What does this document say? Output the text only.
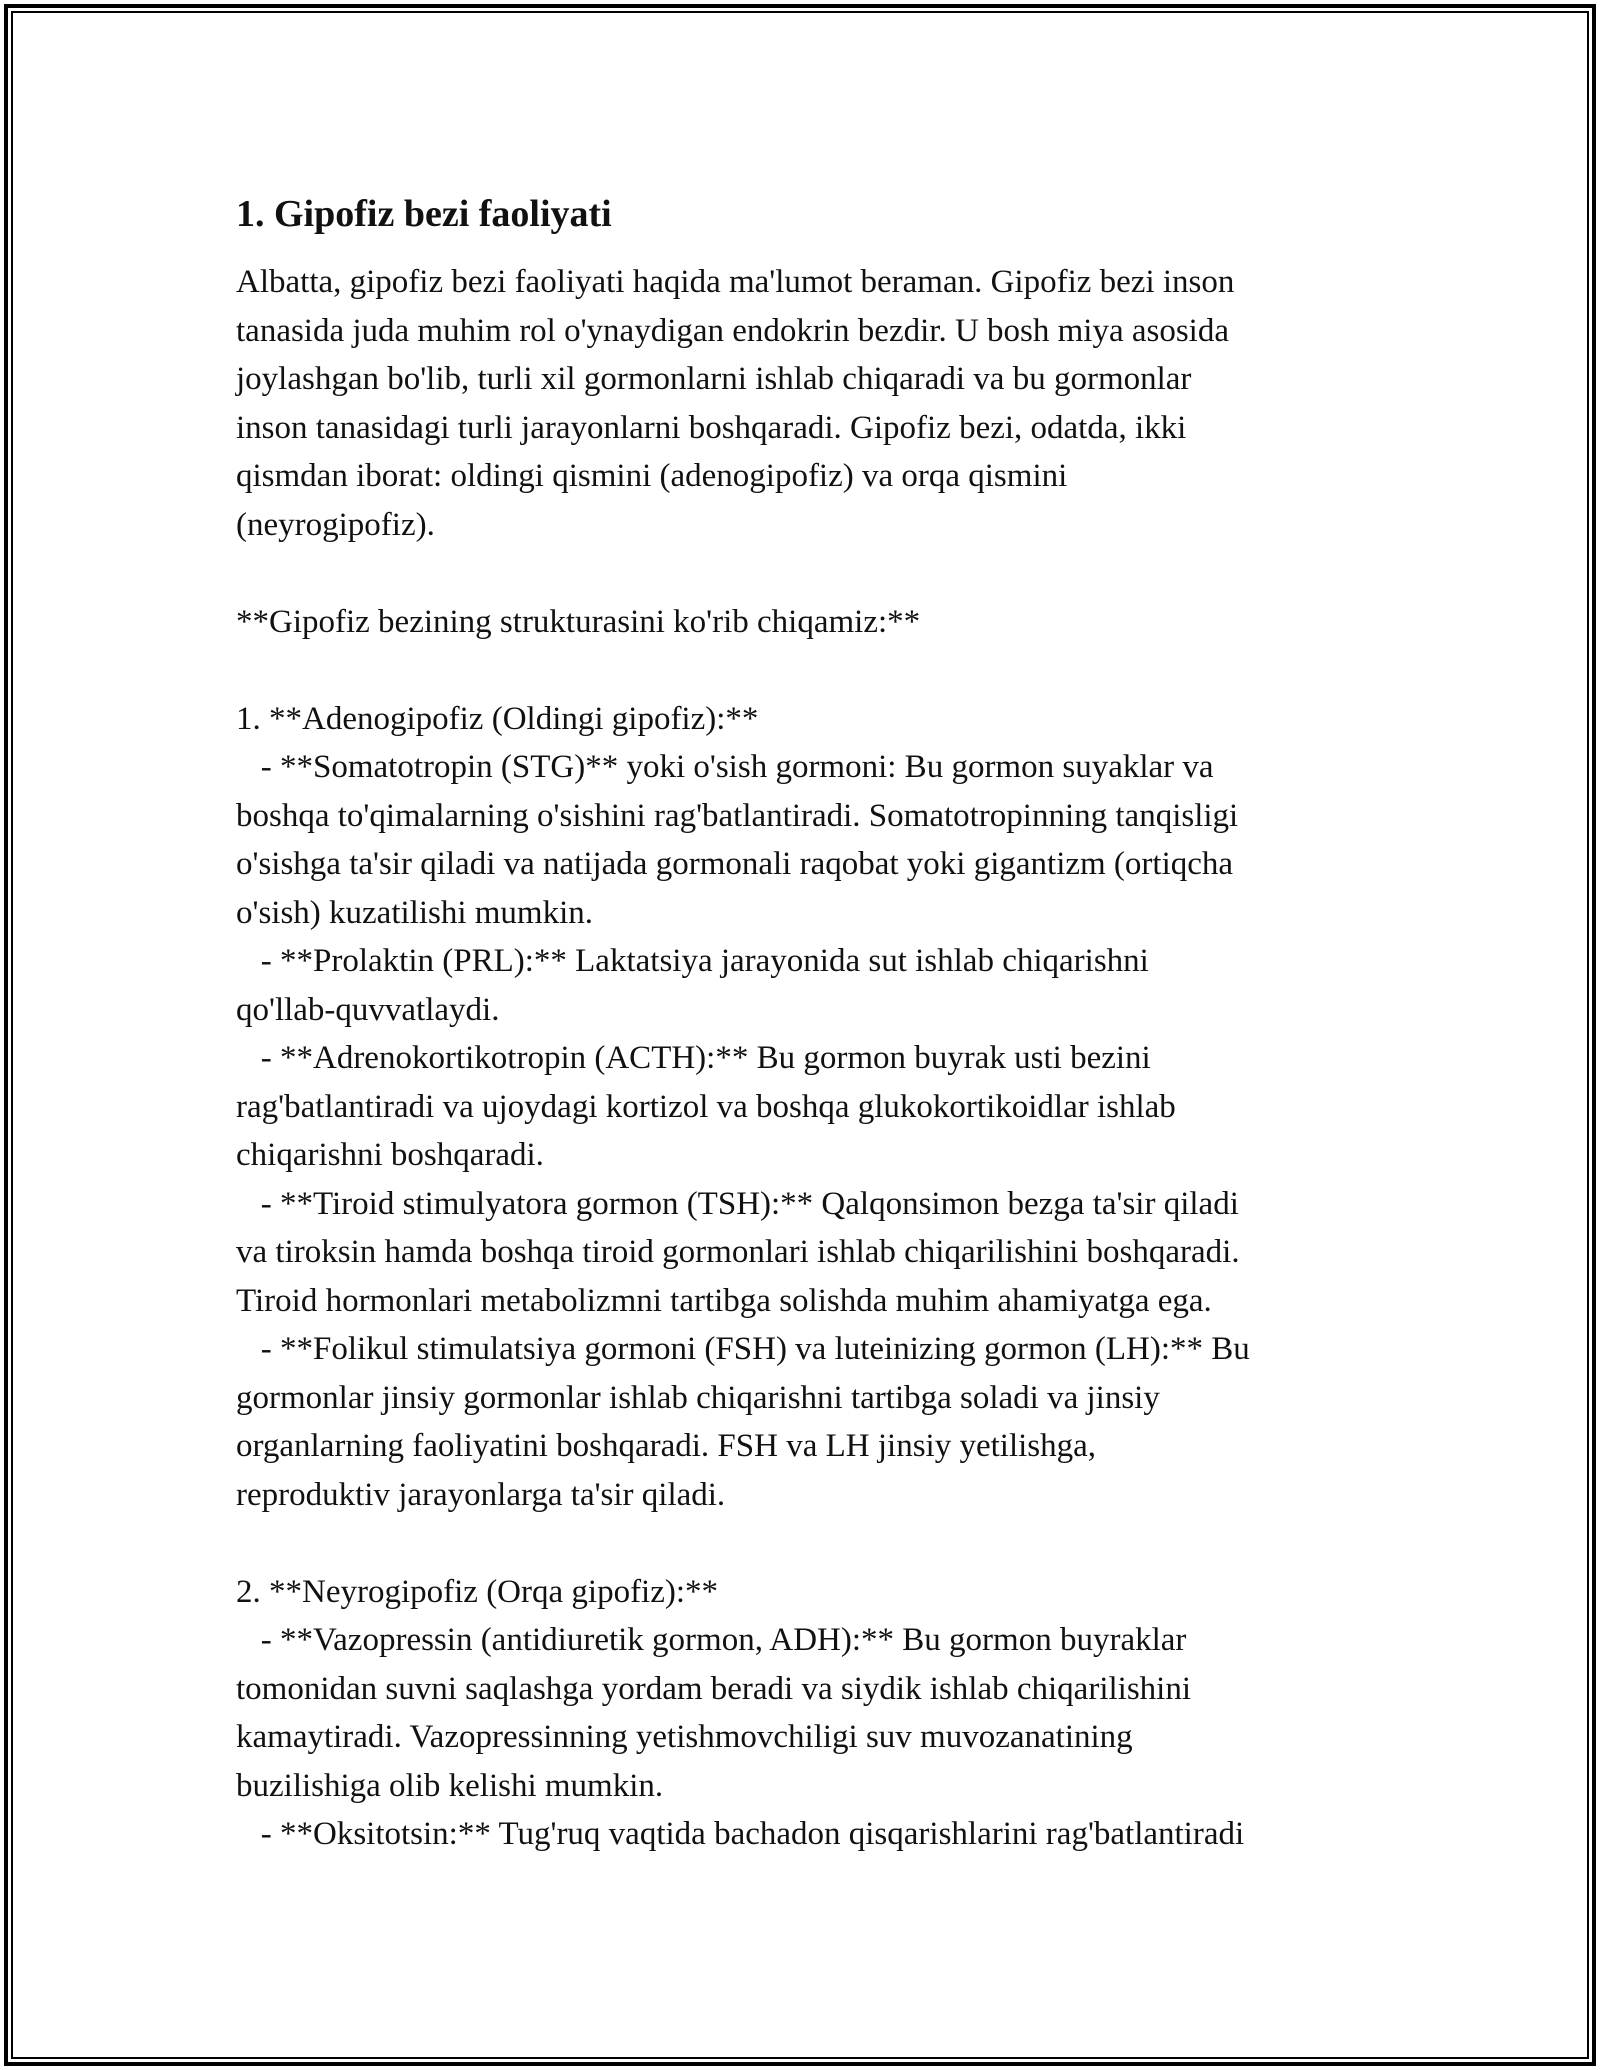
1. Gipofiz bezi faoliyati
Albatta, gipofiz bezi faoliyati haqida ma'lumot beraman. Gipofiz bezi inson
tanasida juda muhim rol o'ynaydigan endokrin bezdir. U bosh miya asosida
joylashgan bo'lib, turli xil gormonlarni ishlab chiqaradi va bu gormonlar
inson tanasidagi turli jarayonlarni boshqaradi. Gipofiz bezi, odatda, ikki
qismdan iborat: oldingi qismini (adenogipofiz) va orqa qismini
(neyrogipofiz).
**Gipofiz bezining strukturasini ko'rib chiqamiz:**
1. **Adenogipofiz (Oldingi gipofiz):**
- **Somatotropin (STG)** yoki o'sish gormoni: Bu gormon suyaklar va
boshqa to'qimalarning o'sishini rag'batlantiradi. Somatotropinning tanqisligi
o'sishga ta'sir qiladi va natijada gormonali raqobat yoki gigantizm (ortiqcha
o'sish) kuzatilishi mumkin.
- **Prolaktin (PRL):** Laktatsiya jarayonida sut ishlab chiqarishni
qo'llab-quvvatlaydi.
- **Adrenokortikotropin (ACTH):** Bu gormon buyrak usti bezini
rag'batlantiradi va ujoydagi kortizol va boshqa glukokortikoidlar ishlab
chiqarishni boshqaradi.
- **Tiroid stimulyatora gormon (TSH):** Qalqonsimon bezga ta'sir qiladi
va tiroksin hamda boshqa tiroid gormonlari ishlab chiqarilishini boshqaradi.
Tiroid hormonlari metabolizmni tartibga solishda muhim ahamiyatga ega.
- **Folikul stimulatsiya gormoni (FSH) va luteinizing gormon (LH):** Bu
gormonlar jinsiy gormonlar ishlab chiqarishni tartibga soladi va jinsiy
organlarning faoliyatini boshqaradi. FSH va LH jinsiy yetilishga,
reproduktiv jarayonlarga ta'sir qiladi.
2. **Neyrogipofiz (Orqa gipofiz):**
- **Vazopressin (antidiuretik gormon, ADH):** Bu gormon buyraklar
tomonidan suvni saqlashga yordam beradi va siydik ishlab chiqarilishini
kamaytiradi. Vazopressinning yetishmovchiligi suv muvozanatining
buzilishiga olib kelishi mumkin.
- **Oksitotsin:** Tug'ruq vaqtida bachadon qisqarishlarini rag'batlantiradi
